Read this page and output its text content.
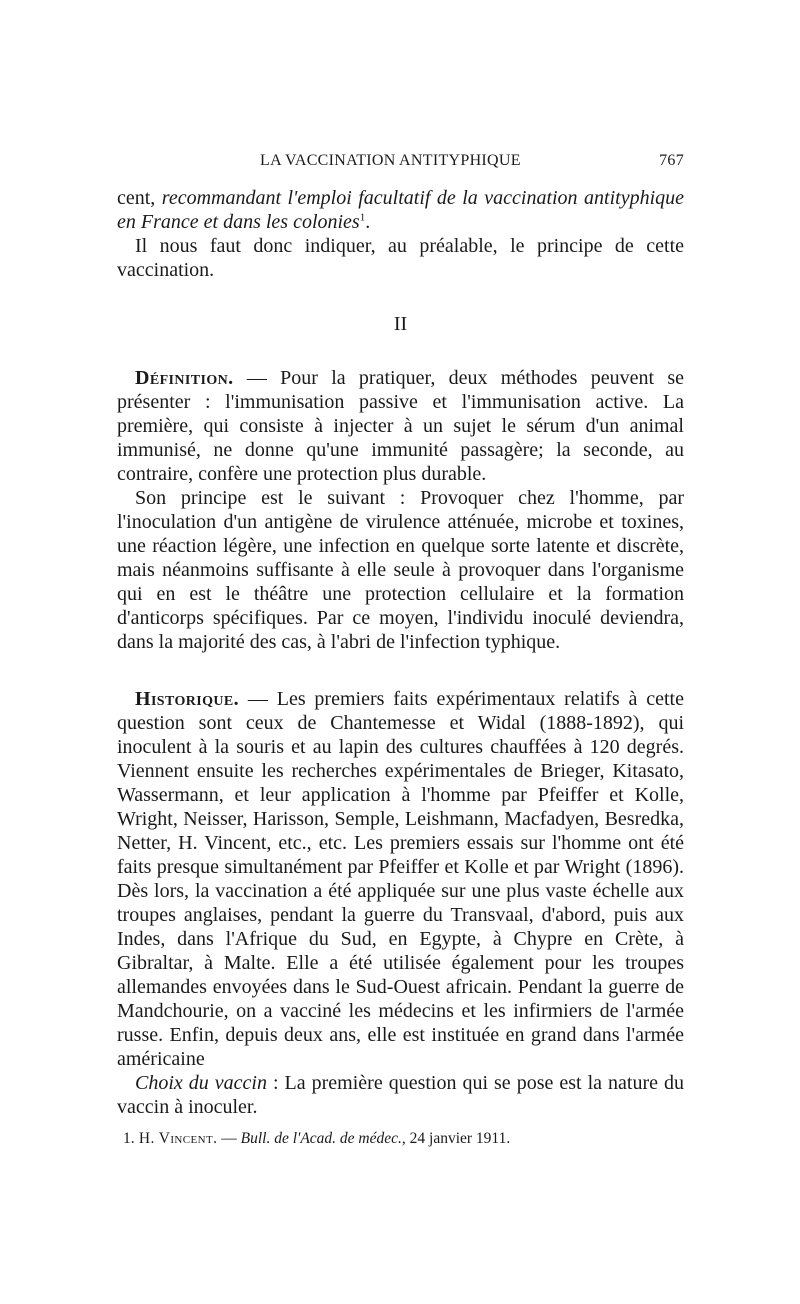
LA VACCINATION ANTITYPHIQUE	767

cent, recommandant l'emploi facultatif de la vaccination antityphique en France et dans les colonies$^1$.

Il nous faut donc indiquer, au préalable, le principe de cette vaccination.

II

Définition. — Pour la pratiquer, deux méthodes peuvent se présenter : l'immunisation passive et l'immunisation active. La première, qui consiste à injecter à un sujet le sérum d'un animal immunisé, ne donne qu'une immunité passagère; la seconde, au contraire, confère une protection plus durable.

Son principe est le suivant : Provoquer chez l'homme, par l'inoculation d'un antigène de virulence atténuée, microbe et toxines, une réaction légère, une infection en quelque sorte latente et discrète, mais néanmoins suffisante à elle seule à provoquer dans l'organisme qui en est le théâtre une protection cellulaire et la formation d'anticorps spécifiques. Par ce moyen, l'individu inoculé deviendra, dans la majorité des cas, à l'abri de l'infection typhique.

Historique. — Les premiers faits expérimentaux relatifs à cette question sont ceux de Chantemesse et Widal (1888-1892), qui inoculent à la souris et au lapin des cultures chauffées à 120 degrés. Viennent ensuite les recherches expérimentales de Brieger, Kitasato, Wassermann, et leur application à l'homme par Pfeiffer et Kolle, Wright, Neisser, Harisson, Semple, Leishmann, Macfadyen, Besredka, Netter, H. Vincent, etc., etc. Les premiers essais sur l'homme ont été faits presque simultanément par Pfeiffer et Kolle et par Wright (1896). Dès lors, la vaccination a été appliquée sur une plus vaste échelle aux troupes anglaises, pendant la guerre du Transvaal, d'abord, puis aux Indes, dans l'Afrique du Sud, en Egypte, à Chypre en Crète, à Gibraltar, à Malte. Elle a été utilisée également pour les troupes allemandes envoyées dans le Sud-Ouest africain. Pendant la guerre de Mandchourie, on a vacciné les médecins et les infirmiers de l'armée russe. Enfin, depuis deux ans, elle est instituée en grand dans l'armée américaine

Choix du vaccin : La première question qui se pose est la nature du vaccin à inoculer.

1. H. Vincent. — Bull. de l'Acad. de médec., 24 janvier 1911.
